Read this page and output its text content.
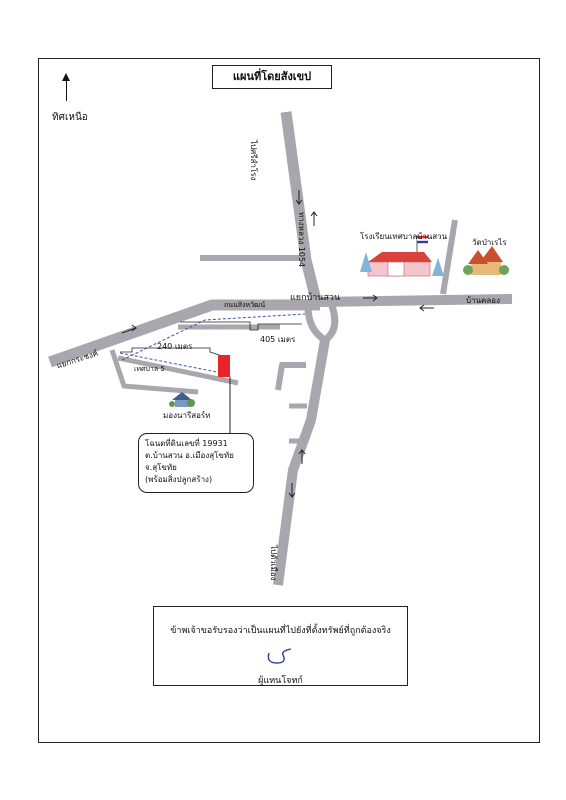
แผนที่โดยสังเขป
ทิศเหนือ
ไปศรีสำโรง
ทางหลวง 1054
ไปตัวเมือง
แยกกระชงค์
แยกบ้านสวน	บ้านคลอง
ถนนสิงหวัฒน์
เทศบาล 5
240 เมตร
405 เมตร
โรงเรียนเทศบาลบ้านสวน
วัดป่าเรไร
มองนารีสอร์ท
โฉนดที่ดินเลขที่ 19931
ต.บ้านสวน อ.เมืองสุโขทัย
จ.สุโขทัย
(พร้อมสิ่งปลูกสร้าง)
ข้าพเจ้าขอรับรองว่าเป็นแผนที่ไปยังที่ตั้งทรัพย์ที่ถูกต้องจริง
ผู้แทนโจทก์
